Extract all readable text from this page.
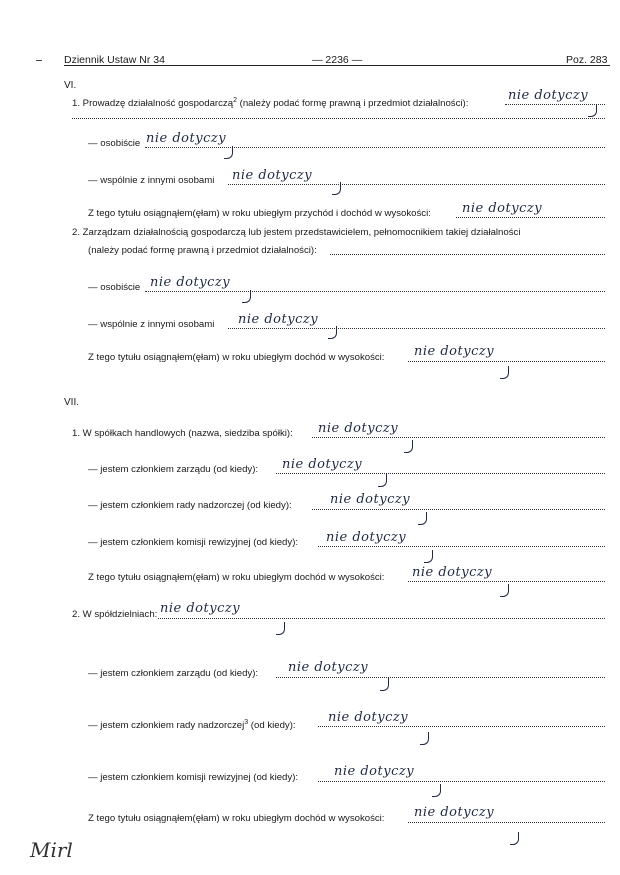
Dziennik Ustaw Nr 34	— 2236 —	Poz. 283
VI.
1. Prowadzę działalność gospodarczą$^2$ (należy podać formę prawną i przedmiot działalności):
nie dotyczy
— osobiście nie dotyczy
— wspólnie z innymi osobami nie dotyczy
Z tego tytułu osiągnąłem(ęłam) w roku ubiegłym przychód i dochód w wysokości: nie dotyczy
2. Zarządzam działalnością gospodarczą lub jestem przedstawicielem, pełnomocnikiem takiej działalności
(należy podać formę prawną i przedmiot działalności):
— osobiście nie dotyczy
— wspólnie z innymi osobami nie dotyczy
Z tego tytułu osiągnąłem(ęłam) w roku ubiegłym dochód w wysokości: nie dotyczy
VII.
1. W spółkach handlowych (nazwa, siedziba spółki): nie dotyczy
— jestem członkiem zarządu (od kiedy): nie dotyczy
— jestem członkiem rady nadzorczej (od kiedy):	nie dotyczy
— jestem członkiem komisji rewizyjnej (od kiedy): nie dotyczy
Z tego tytułu osiągnąłem(ęłam) w roku ubiegłym dochód w wysokości: nie dotyczy
2. W spółdzielniach: nie dotyczy
— jestem członkiem zarządu (od kiedy): nie dotyczy
— jestem członkiem rady nadzorczej$^3$ (od kiedy):
nie dotyczy
— jestem członkiem komisji rewizyjnej (od kiedy):	nie dotyczy
Z tego tytułu osiągnąłem(ęłam) w roku ubiegłym dochód w wysokości: nie dotyczy
Mirl
